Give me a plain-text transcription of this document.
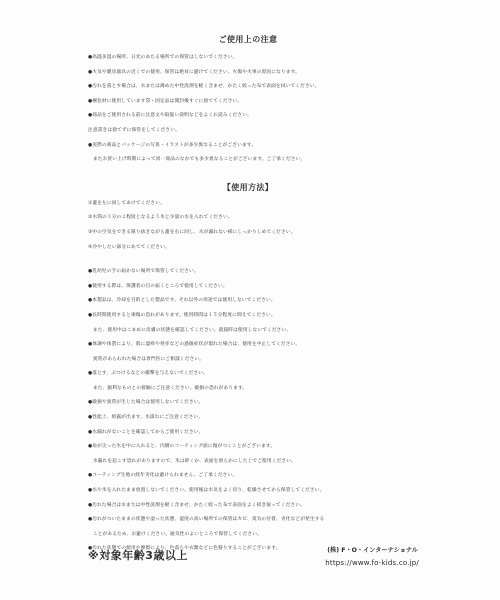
ご使用上の注意
●高温多湿の場所、日光のあたる場所での保管はしないでください。
●火気や暖房器具の近くでの使用、保管は絶対に避けてください。火傷や火事の原因になります。
●汚れを落とす場合は、水または薄めた中性洗剤を軽く含ませ、かたく絞った布で表面を拭いてください。
●梱包材に使用しています袋・固定品は開封後すぐに捨ててください。
●商品をご使用される前に注意文や取扱い説明などをよくお読みください。
注意書きは捨てずに保管をしてください。
●実際の商品とパッケージの写真・イラストが多少異なることがございます。
　またお買い上げ時期によって同一商品のなかでも多少異なることがございます。ご了承ください。
【使用方法】
①蓋を左に回してあけてください。
②水筒の３分の２程度となるよう氷と少量の水を入れてください。
③中の空気をできる限り抜きながら蓋を右に回し、水が漏れない様にしっかりしめてください。
④冷やしたい部分にあててください。
●乳幼児の手の届かない場所で保管してください。
●使用する際は、保護者の目の届くところで使用してください。
●本製品は、冷却を目的とした製品です。それ以外の用途では使用しないでください。
●長時間使用すると凍傷の恐れがあります。使用時間は１５分程度に抑えてください。
　また、使用中はこまめに皮膚の状態を確認してください。就寝時は使用しないでください。
●体調や体質により、肌に湿疹や発赤などの過敏症状が現れた場合は、使用を中止してください。
　異常があらわれた場合は専門医にご相談ください。
●落とす、ぶつけるなどの衝撃を与えないでください。
　また、鋭利なものとの接触にご注意ください。破損の恐れがあります。
●破損や異常が生じた場合は使用しないでください。
●性能上、結露が出ます、水濡れにご注意ください。
●水漏れがないことを確認してからご使用ください。
●角が尖った氷を中に入れると、内側のコーティング面に傷がつくことがございます。
　水漏れを起こす恐れがありますので、氷は砕くか、表面を滑らかにした上でご使用ください。
●コーティング生地の経年劣化は避けられません。ご了承ください。
●水や氷を入れたまま放置しないでください。使用後は水気をよく切り、乾燥させてから保管してください。
●汚れた場合は水または中性洗剤を軽く含ませ、かたく絞った布で表面をよく拭き取ってください。
●汚れがついたままの状態や湿った状態、湿度の高い場所での保管はカビ、臭気の付着、劣化などが発生する
　ことがあるため、お避けください。通気性のよいところで保管してください。
●汚れた状態での使用や摩擦により、色落ちや衣類などに色移りすることがございます。
※対象年齢3歳以上	(株) F・O・インターナショナル
https://www.fo-kids.co.jp/
